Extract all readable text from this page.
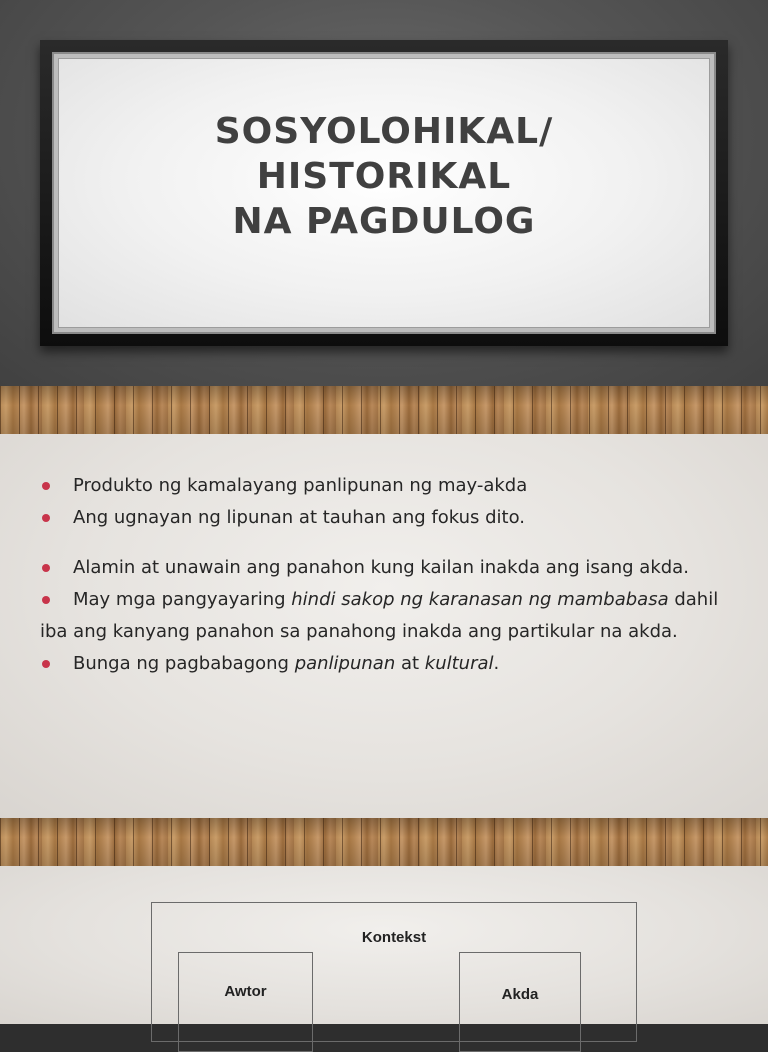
SOSYOLOHIKAL/
HISTORIKAL
NA PAGDULOG
Produkto ng kamalayang panlipunan ng may-akda
Ang ugnayan ng lipunan at tauhan ang fokus dito.
Alamin at unawain ang panahon kung kailan inakda ang isang akda.
May mga pangyayaring hindi sakop ng karanasan ng mambabasa dahil
iba ang kanyang panahon sa panahong inakda ang partikular na akda.
Bunga ng pagbabagong panlipunan at kultural.
Kontekst
Awtor	Akda
